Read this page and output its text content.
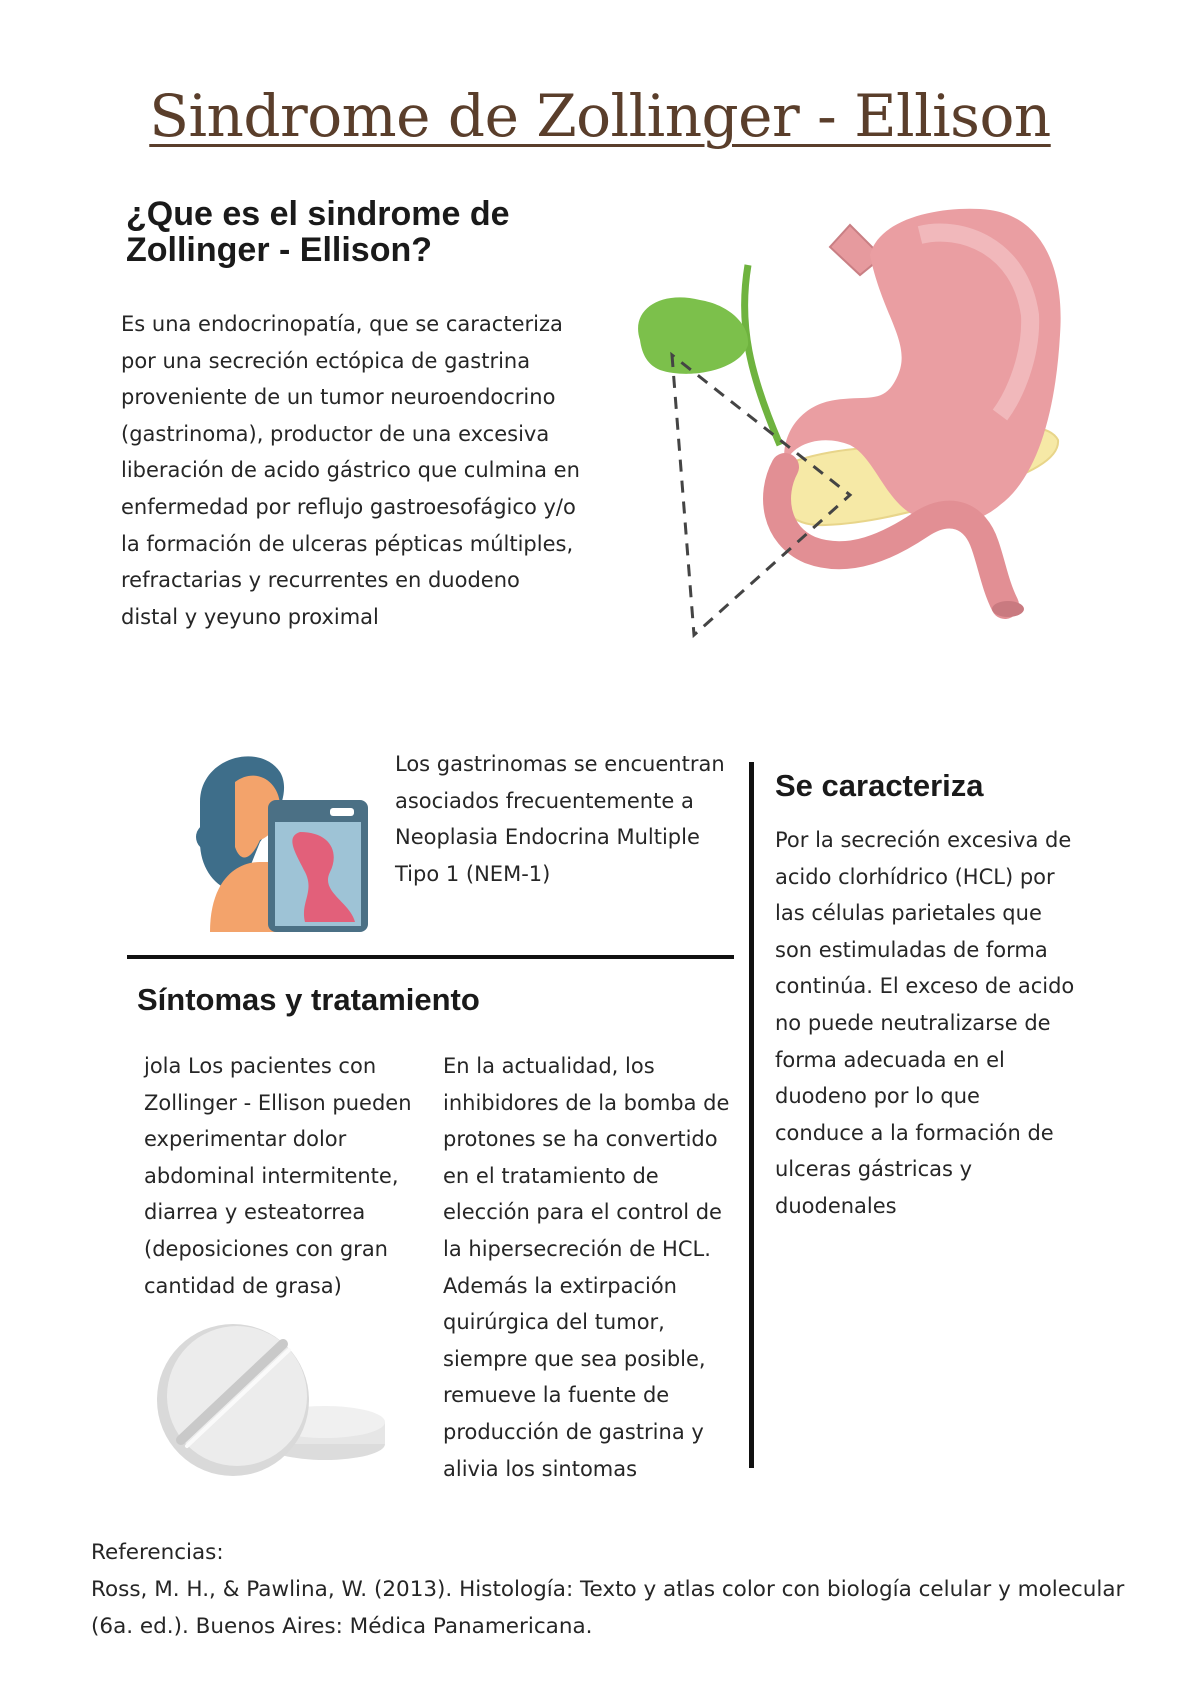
Sindrome de Zollinger - Ellison
¿Que es el sindrome de Zollinger - Ellison?
Es una endocrinopatía, que se caracteriza por una secreción ectópica de gastrina proveniente de un tumor neuroendocrino (gastrinoma), productor de una excesiva liberación de acido gástrico que culmina en enfermedad por reflujo gastroesofágico y/o la formación de ulceras pépticas múltiples, refractarias y recurrentes en duodeno distal y yeyuno proximal
Los gastrinomas se encuentran asociados frecuentemente a Neoplasia Endocrina Multiple Tipo 1 (NEM-1)
Se caracteriza
Por la secreción excesiva de acido clorhídrico (HCL) por las células parietales que son estimuladas de forma continúa. El exceso de acido no puede neutralizarse de forma adecuada en el duodeno por lo que conduce a la formación de ulceras gástricas y duodenales
Síntomas y tratamiento
jola Los pacientes con Zollinger - Ellison pueden experimentar dolor abdominal intermitente, diarrea y esteatorrea (deposiciones con gran cantidad de grasa)
En la actualidad, los inhibidores de la bomba de protones se ha convertido en el tratamiento de elección para el control de la hipersecreción de HCL. Además la extirpación quirúrgica del tumor, siempre que sea posible, remueve la fuente de producción de gastrina y alivia los sintomas
Referencias:
Ross, M. H., & Pawlina, W. (2013). Histología: Texto y atlas color con biología celular y molecular (6a. ed.). Buenos Aires: Médica Panamericana.
